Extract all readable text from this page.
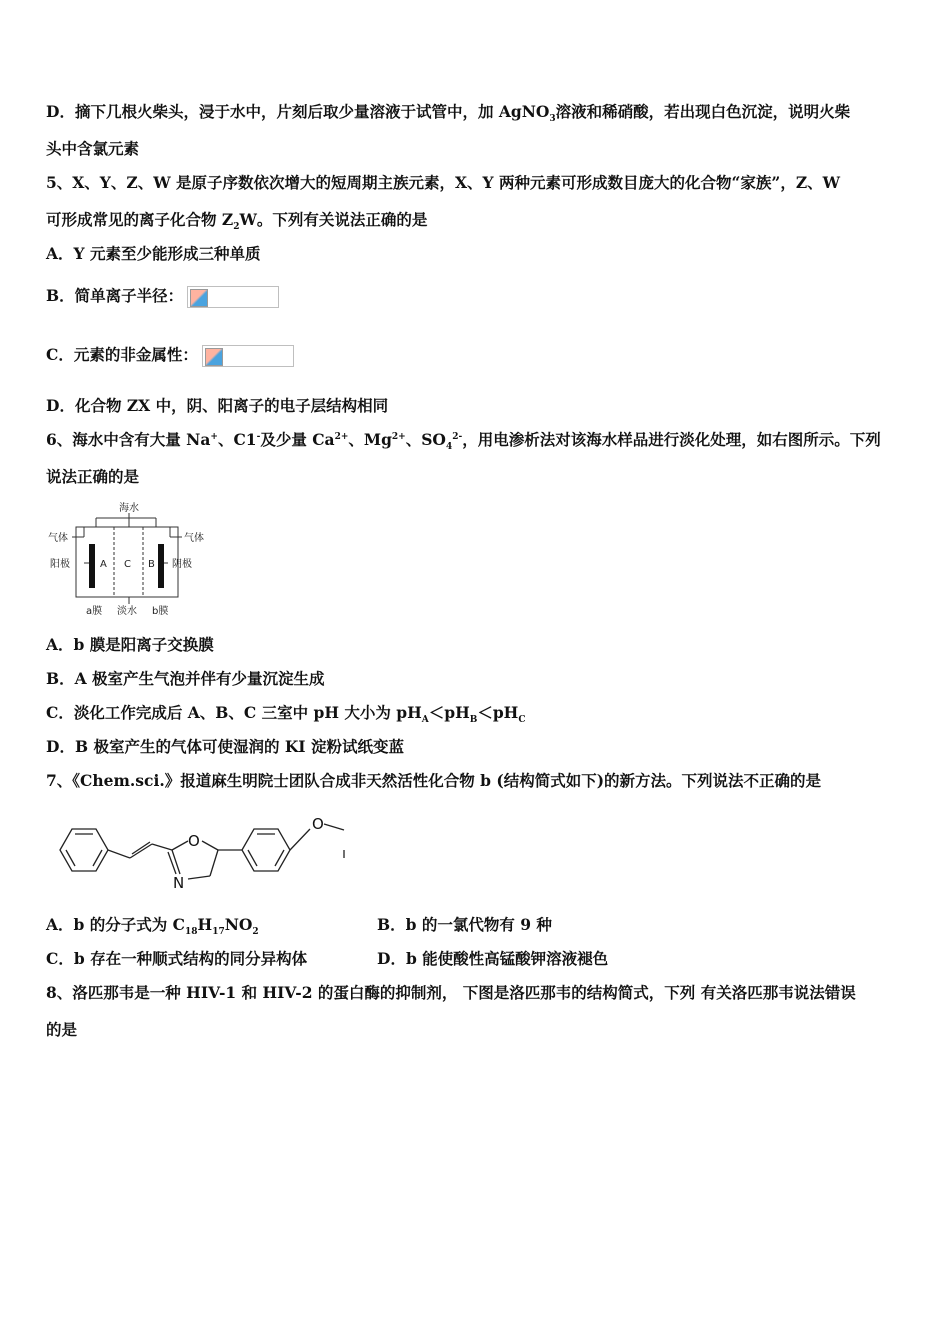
D．摘下几根火柴头，浸于水中，片刻后取少量溶液于试管中，加 AgNO$_3$溶液和稀硝酸，若出现白色沉淀，说明火柴
头中含氯元素
5、X、Y、Z、W 是原子序数依次增大的短周期主族元素，X、Y 两种元素可形成数目庞大的化合物“家族”，Z、W
可形成常见的离子化合物 $Z_2W$。下列有关说法正确的是
A．Y 元素至少能形成三种单质
B．简单离子半径：
C．元素的非金属性：
D．化合物 ZX 中，阴、阳离子的电子层结构相同
6、海水中含有大量 Na+、C1-及少量 $Ca^{2+}$、$Mg^{2+}$、$SO_4^{2-}$，用电渗析法对该海水样品进行淡化处理，如右图所示。下列
说法正确的是
海水
气体	气体
阳极	阴极
A C B
a膜 淡水 b膜
A．b 膜是阳离子交换膜
B．A 极室产生气泡并伴有少量沉淀生成
C．淡化工作完成后 A、B、C 三室中 pH 大小为 $pH_A<pH_B<pH_C$
D．B 极室产生的气体可使湿润的 KI 淀粉试纸变蓝
7、《Chem.sci.》报道麻生明院士团队合成非天然活性化合物 b (结构简式如下)的新方法。下列说法不正确的是
O
N
O
A．b 的分子式为 $C_{18}H_{17}NO_2$	B．b 的一氯代物有 9 种
C．b 存在一种顺式结构的同分异构体	D．b 能使酸性高锰酸钾溶液褪色
8、洛匹那韦是一种 HIV-1 和 HIV-2 的蛋白酶的抑制剂， 下图是洛匹那韦的结构简式，下列 有关洛匹那韦说法错误
的是
